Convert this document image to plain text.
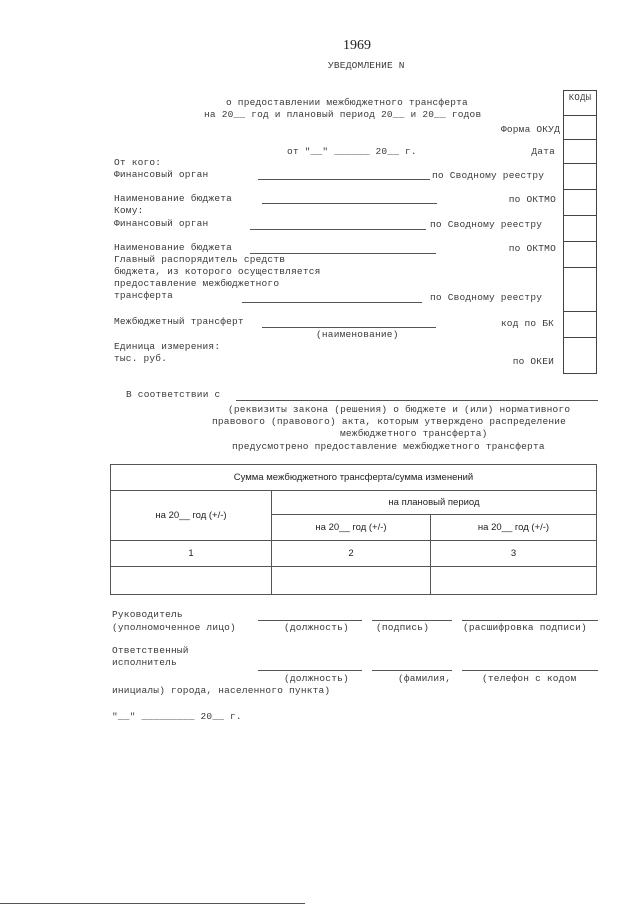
1969
УВЕДОМЛЕНИЕ N
о предоставлении межбюджетного трансферта
на 20__ год и плановый период 20__ и 20__ годов
КОДЫ
Форма ОКУД
от "__" ______ 20__ г.	Дата
От кого:
Финансовый орган	по Сводному реестру
Наименование бюджета	по ОКТМО
Кому:
Финансовый орган	по Сводному реестру
Наименование бюджета	по ОКТМО
Главный распорядитель средств
бюджета, из которого осуществляется
предоставление межбюджетного
трансферта	по Сводному реестру
Межбюджетный трансферт
(наименование)
код по БК
Единица измерения:
тыс. руб.	по ОКЕИ
В соответствии с
(реквизиты закона (решения) о бюджете и (или) нормативного
правового (правового) акта, которым утверждено распределение
межбюджетного трансферта)
предусмотрено предоставление межбюджетного трансферта
Сумма межбюджетного трансферта/сумма изменений		
на 20__ год (+/-)	на плановый период	
	на 20__ год (+/-)	на 20__ год (+/-)
1	2	3

Руководитель
(уполномоченное лицо)	(должность)	(подпись)	(расшифровка подписи)
Ответственный
исполнитель
(должность)	(фамилия,	(телефон с кодом
инициалы) города, населенного пункта)
"__" _________ 20__ г.
